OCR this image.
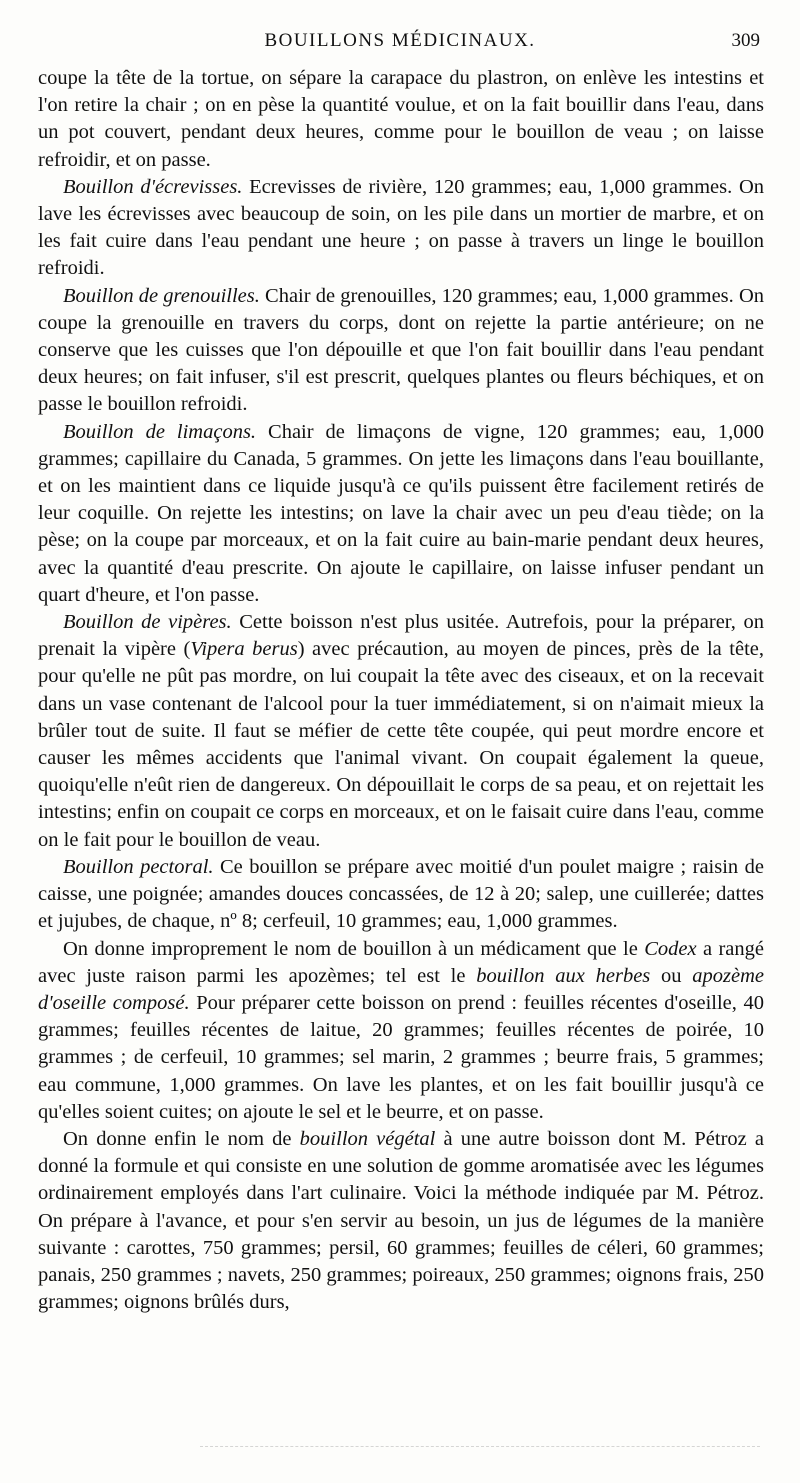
BOUILLONS MÉDICINAUX.	309

coupe la tête de la tortue, on sépare la carapace du plastron, on enlève les intestins et l'on retire la chair ; on en pèse la quantité voulue, et on la fait bouillir dans l'eau, dans un pot couvert, pendant deux heures, comme pour le bouillon de veau ; on laisse refroidir, et on passe.

Bouillon d'écrevisses. Ecrevisses de rivière, 120 grammes; eau, 1,000 grammes. On lave les écrevisses avec beaucoup de soin, on les pile dans un mortier de marbre, et on les fait cuire dans l'eau pendant une heure ; on passe à travers un linge le bouillon refroidi.

Bouillon de grenouilles. Chair de grenouilles, 120 grammes; eau, 1,000 grammes. On coupe la grenouille en travers du corps, dont on rejette la partie antérieure; on ne conserve que les cuisses que l'on dépouille et que l'on fait bouillir dans l'eau pendant deux heures; on fait infuser, s'il est prescrit, quelques plantes ou fleurs béchiques, et on passe le bouillon refroidi.

Bouillon de limaçons. Chair de limaçons de vigne, 120 grammes; eau, 1,000 grammes; capillaire du Canada, 5 grammes. On jette les limaçons dans l'eau bouillante, et on les maintient dans ce liquide jusqu'à ce qu'ils puissent être facilement retirés de leur coquille. On rejette les intestins; on lave la chair avec un peu d'eau tiède; on la pèse; on la coupe par morceaux, et on la fait cuire au bain-marie pendant deux heures, avec la quantité d'eau prescrite. On ajoute le capillaire, on laisse infuser pendant un quart d'heure, et l'on passe.

Bouillon de vipères. Cette boisson n'est plus usitée. Autrefois, pour la préparer, on prenait la vipère (Vipera berus) avec précaution, au moyen de pinces, près de la tête, pour qu'elle ne pût pas mordre, on lui coupait la tête avec des ciseaux, et on la recevait dans un vase contenant de l'alcool pour la tuer immédiatement, si on n'aimait mieux la brûler tout de suite. Il faut se méfier de cette tête coupée, qui peut mordre encore et causer les mêmes accidents que l'animal vivant. On coupait également la queue, quoiqu'elle n'eût rien de dangereux. On dépouillait le corps de sa peau, et on rejettait les intestins; enfin on coupait ce corps en morceaux, et on le faisait cuire dans l'eau, comme on le fait pour le bouillon de veau.

Bouillon pectoral. Ce bouillon se prépare avec moitié d'un poulet maigre ; raisin de caisse, une poignée; amandes douces concassées, de 12 à 20; salep, une cuillerée; dattes et jujubes, de chaque, nº 8; cerfeuil, 10 grammes; eau, 1,000 grammes.

On donne improprement le nom de bouillon à un médicament que le Codex a rangé avec juste raison parmi les apozèmes; tel est le bouillon aux herbes ou apozème d'oseille composé. Pour préparer cette boisson on prend : feuilles récentes d'oseille, 40 grammes; feuilles récentes de laitue, 20 grammes; feuilles récentes de poirée, 10 grammes ; de cerfeuil, 10 grammes; sel marin, 2 grammes ; beurre frais, 5 grammes; eau commune, 1,000 grammes. On lave les plantes, et on les fait bouillir jusqu'à ce qu'elles soient cuites; on ajoute le sel et le beurre, et on passe.

On donne enfin le nom de bouillon végétal à une autre boisson dont M. Pétroz a donné la formule et qui consiste en une solution de gomme aromatisée avec les légumes ordinairement employés dans l'art culinaire. Voici la méthode indiquée par M. Pétroz. On prépare à l'avance, et pour s'en servir au besoin, un jus de légumes de la manière suivante : carottes, 750 grammes; persil, 60 grammes; feuilles de céleri, 60 grammes; panais, 250 grammes ; navets, 250 grammes; poireaux, 250 grammes; oignons frais, 250 grammes; oignons brûlés durs,
